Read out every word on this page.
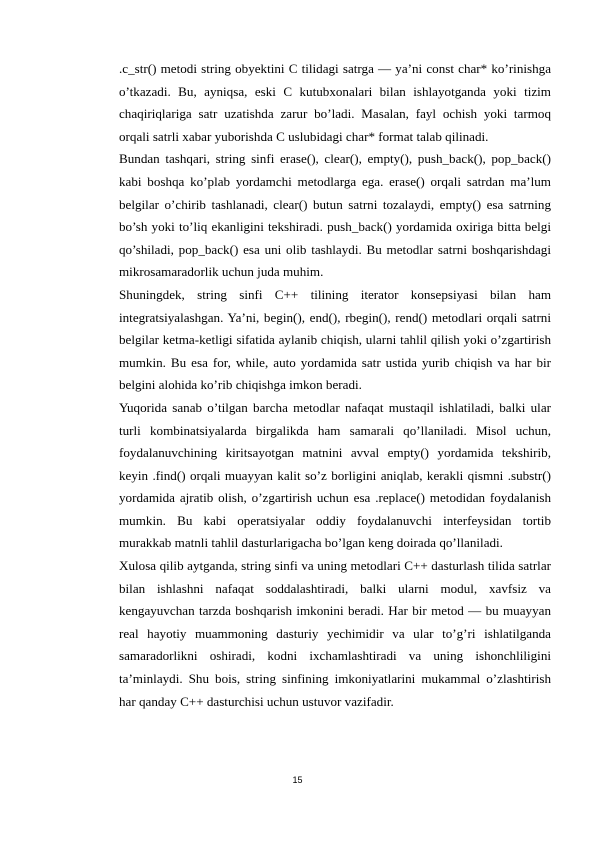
.c_str() metodi string obyektini C tilidagi satrga — ya’ni const char* ko’rinishga o’tkazadi. Bu, ayniqsa, eski C kutubxonalari bilan ishlayotganda yoki tizim chaqiriqlariga satr uzatishda zarur bo’ladi. Masalan, fayl ochish yoki tarmoq orqali satrli xabar yuborishda C uslubidagi char* format talab qilinadi.

Bundan tashqari, string sinfi erase(), clear(), empty(), push_back(), pop_back() kabi boshqa ko’plab yordamchi metodlarga ega. erase() orqali satrdan ma’lum belgilar o’chirib tashlanadi, clear() butun satrni tozalaydi, empty() esa satrning bo’sh yoki to’liq ekanligini tekshiradi. push_back() yordamida oxiriga bitta belgi qo’shiladi, pop_back() esa uni olib tashlaydi. Bu metodlar satrni boshqarishdagi mikrosamaradorlik uchun juda muhim.

Shuningdek, string sinfi C++ tilining iterator konsepsiyasi bilan ham integratsiyalashgan. Ya’ni, begin(), end(), rbegin(), rend() metodlari orqali satrni belgilar ketma-ketligi sifatida aylanib chiqish, ularni tahlil qilish yoki o’zgartirish mumkin. Bu esa for, while, auto yordamida satr ustida yurib chiqish va har bir belgini alohida ko’rib chiqishga imkon beradi.

Yuqorida sanab o’tilgan barcha metodlar nafaqat mustaqil ishlatiladi, balki ular turli kombinatsiyalarda birgalikda ham samarali qo’llaniladi. Misol uchun, foydalanuvchining kiritsayotgan matnini avval empty() yordamida tekshirib, keyin .find() orqali muayyan kalit so’z borligini aniqlab, kerakli qismni .substr() yordamida ajratib olish, o’zgartirish uchun esa .replace() metodidan foydalanish mumkin. Bu kabi operatsiyalar oddiy foydalanuvchi interfeysidan tortib murakkab matnli tahlil dasturlarigacha bo’lgan keng doirada qo’llaniladi.

Xulosa qilib aytganda, string sinfi va uning metodlari C++ dasturlash tilida satrlar bilan ishlashni nafaqat soddalashtiradi, balki ularni modul, xavfsiz va kengayuvchan tarzda boshqarish imkonini beradi. Har bir metod — bu muayyan real hayotiy muammoning dasturiy yechimidir va ular to’g’ri ishlatilganda samaradorlikni oshiradi, kodni ixchamlashtiradi va uning ishonchliligini ta’minlaydi. Shu bois, string sinfining imkoniyatlarini mukammal o’zlashtirish har qanday C++ dasturchisi uchun ustuvor vazifadir.

15
